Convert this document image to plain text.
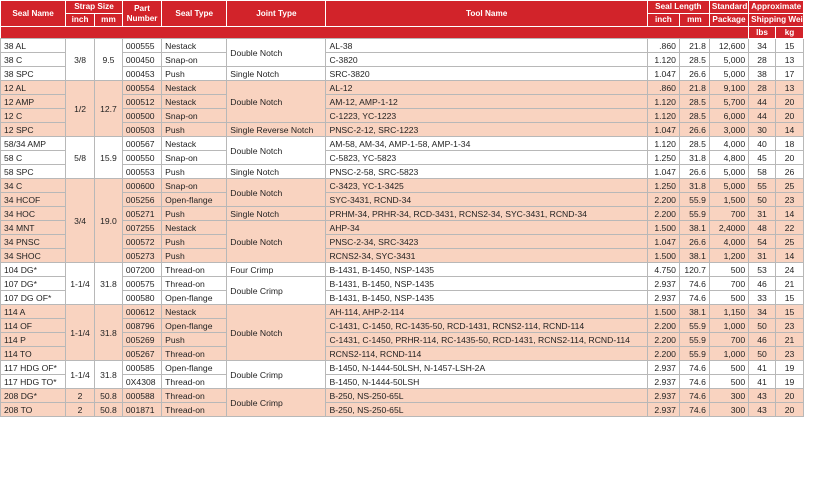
Seal Name	Strap Size		Part
Number	Seal Type	Joint Type	Tool Name	Seal Length		Standard	Approximate	
	inch	mm					inch	mm	Package	Shipping Weight	
										lbs	kg
38 AL	3/8	9.5	000555	Nestack	Double Notch	AL-38	.860	21.8	12,600	34	15
38 C			000450	Snap-on		C-3820	1.120	28.5	5,000	28	13
38 SPC			000453	Push	Single Notch	SRC-3820	1.047	26.6	5,000	38	17
12 AL	1/2	12.7	000554	Nestack	Double Notch	AL-12	.860	21.8	9,100	28	13
12 AMP			000512	Nestack		AM-12, AMP-1-12	1.120	28.5	5,700	44	20
12 C			000500	Snap-on		C-1223, YC-1223	1.120	28.5	6,000	44	20
12 SPC			000503	Push	Single Reverse Notch	PNSC-2-12, SRC-1223	1.047	26.6	3,000	30	14
58/34 AMP	5/8	15.9	000567	Nestack	Double Notch	AM-58, AM-34, AMP-1-58, AMP-1-34	1.120	28.5	4,000	40	18
58 C			000550	Snap-on		C-5823, YC-5823	1.250	31.8	4,800	45	20
58 SPC			000553	Push	Single Notch	PNSC-2-58, SRC-5823	1.047	26.6	5,000	58	26
34 C	3/4	19.0	000600	Snap-on	Double Notch	C-3423, YC-1-3425	1.250	31.8	5,000	55	25
34 HCOF			005256	Open-flange		SYC-3431, RCND-34	2.200	55.9	1,500	50	23
34 HOC			005271	Push	Single Notch	PRHM-34, PRHR-34, RCD-3431, RCNS2-34, SYC-3431, RCND-34	2.200	55.9	700	31	14
34 MNT			007255	Nestack	Double Notch	AHP-34	1.500	38.1	2,4000	48	22
34 PNSC			000572	Push		PNSC-2-34, SRC-3423	1.047	26.6	4,000	54	25
34 SHOC			005273	Push		RCNS2-34, SYC-3431	1.500	38.1	1,200	31	14
104 DG*	1-1/4	31.8	007200	Thread-on	Four Crimp	B-1431, B-1450, NSP-1435	4.750	120.7	500	53	24
107 DG*			000575	Thread-on	Double Crimp	B-1431, B-1450, NSP-1435	2.937	74.6	700	46	21
107 DG OF*			000580	Open-flange		B-1431, B-1450, NSP-1435	2.937	74.6	500	33	15
114 A	1-1/4	31.8	000612	Nestack	Double Notch	AH-114, AHP-2-114	1.500	38.1	1,150	34	15
114 OF			008796	Open-flange		C-1431, C-1450, RC-1435-50, RCD-1431, RCNS2-114, RCND-114	2.200	55.9	1,000	50	23
114 P			005269	Push		C-1431, C-1450, PRHR-114, RC-1435-50, RCD-1431, RCNS2-114, RCND-114	2.200	55.9	700	46	21
114 TO			005267	Thread-on		RCNS2-114, RCND-114	2.200	55.9	1,000	50	23
117 HDG OF*	1-1/4	31.8	000585	Open-flange	Double Crimp	B-1450, N-1444-50LSH, N-1457-LSH-2A	2.937	74.6	500	41	19
117 HDG TO*			0X4308	Thread-on		B-1450, N-1444-50LSH	2.937	74.6	500	41	19
208 DG*	2	50.8	000588	Thread-on	Double Crimp	B-250, NS-250-65L	2.937	74.6	300	43	20
208 TO	2	50.8	001871	Thread-on		B-250, NS-250-65L	2.937	74.6	300	43	20
